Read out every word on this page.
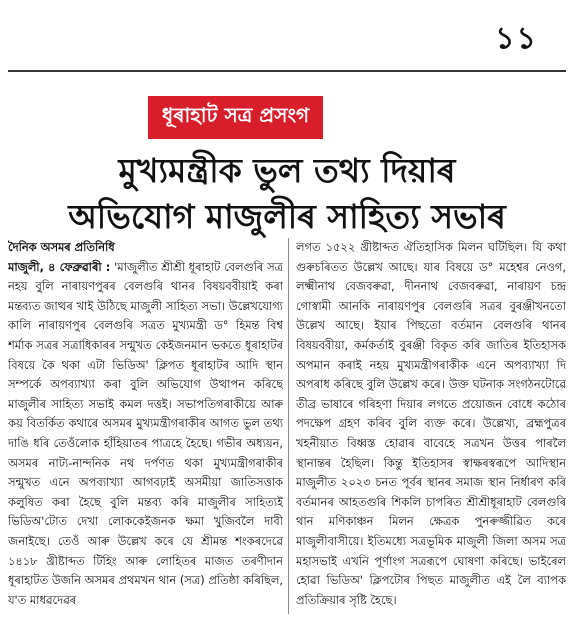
১১
ধূৰাহাট সত্ৰ প্ৰসংগ
মুখ্যমন্ত্ৰীক ভুল তথ্য দিয়াৰ
অভিযোগ মাজুলীৰ সাহিত্য সভাৰ
দৈনিক অসমৰ প্ৰতিনিধি

মাজুলী, ৪ ফেব্ৰুৱাৰী : 'মাজুলীত শ্ৰীশ্ৰী ধূৰাহাট বেলগুৰি সত্ৰ নহয় বুলি নাৰায়ণপুৰৰ বেলগুৰি থানৰ বিষয়ববীয়াই কৰা মন্তব্যত জাত্থৰ খাই উঠিছে মাজুলী সাহিত্য সভা। উল্লেখযোগ্য কালি নাৰায়ণপুৰ বেলগুৰি সত্ৰত মুখ্যমন্ত্ৰী ড° হিমন্ত বিশ্ব শৰ্মাক সত্ৰৰ সত্ৰাধিকাৰৰ সন্মুখত কেইজনমান ভকতে ধূৰাহাটৰ বিষয়ে কৈ থকা এটা ভিডিঅ' ক্লিপত ধূৰাহাটৰ আদি স্থান সম্পৰ্কে অপব্যাখ্যা কৰা বুলি অভিযোগ উত্থাপন কৰিছে মাজুলীৰ সাহিত্য সভাই কমল দত্তই। সভাপতিগৰাকীয়ে আৰু কয় বিতৰ্কিত কথাৰে অসমৰ মুখ্যমন্ত্ৰীগৰাকীৰ আগত ভুল তথ্য দাঙি ধৰি তেওঁলোক হাঁহিয়াতৰ পাত্ৰহে হৈছে। গভীৰ অধ্যয়ন, অসমৰ নাট্য-নান্দনিক নথ দৰ্পণত থকা মুখ্যমন্ত্ৰীগৰাকীৰ সন্মুখত এনে অপব্যাখ্যা আগবঢ়াই অসমীয়া জাতিসত্তাক কলুষিত কৰা হৈছে বুলি মন্তব্য কৰি মাজুলীৰ সাহিত্যই ভিডিঅ'টোত দেখা লোককেইজনক ক্ষমা খুজিবলৈ দাবী জনাইছে। তেওঁ আৰু উল্লেখ কৰে যে শ্ৰীমন্ত শংকৰদেৱে ১৪১৮ খ্ৰীষ্টাব্দত টিহিং আৰু লোহিতৰ মাজত তৰণীদান ধূৰাহাটত উজনি অসমৰ প্ৰথমখন থান (সত্ৰ) প্ৰতিষ্ঠা কৰিছিল, য'ত মাধৱদেৱৰ

লগত ১৫২২ খ্ৰীষ্টাব্দত ঐতিহাসিক মিলন ঘটিছিল। যি কথা গুৰুচৰিতত উল্লেখ আছে। যাৰ বিষয়ে ড° মহেশ্বৰ নেওগ, লক্ষ্মীনাথ বেজবৰুৱা, দীননাথ বেজবৰুৱা, নাৰায়ণ চন্দ্ৰ গোস্বামী আনকি নাৰায়ণপুৰ বেলগুৰি সত্ৰৰ বুৰঞ্জীখনতো উল্লেখ আছে। ইয়াৰ পিছতো বৰ্তমান বেলগুৰি থানৰ বিষয়ববীয়া, কৰ্মকৰ্তাই বুৰঞ্জী বিকৃত কৰি জাতিৰ ইতিহাসক অপমান কৰাই নহয় মুখ্যমন্ত্ৰীগৰাকীক এনে অপব্যাখ্যা দি অপৰাধ কৰিছে বুলি উল্লেখ কৰে। উক্ত ঘটনাক সংগঠনটোৱে তীব্ৰ ভাষাৰে গৰিহণা দিয়াৰ লগতে প্ৰয়োজন বোধে কঠোৰ পদক্ষেপ গ্ৰহণ কৰিব বুলি ব্যক্ত কৰে। উল্লেখ্য, ব্ৰহ্মপুত্ৰৰ খহনীয়াত বিধ্বস্ত হোৱাৰ বাবেহে সত্ৰখন উত্তৰ পাৰলৈ স্থানান্তৰ হৈছিল। কিন্তু ইতিহাসৰ স্বাক্ষৰস্বৰূপে আদিস্থান মাজুলীত ২০২৩ চনত পূৰ্বৰ স্থানৰ সমাজ স্থান নিৰ্ধাৰণ কৰি বৰ্তমানৰ আহতগুৰি শিকলি চাপৰিত শ্ৰীশ্ৰীধূৰাহাট বেলগুৰি থান মণিকাঞ্চন মিলন ক্ষেত্ৰক পুনৰুজ্জীৱিত কৰে মাজুলীবাসীয়ে। ইতিমধ্যে সত্ৰভূমিক মাজুলী জিলা অসম সত্ৰ মহাসভাই এখনি পূৰ্ণাংগ সত্ৰৰূপে ঘোষণা কৰিছে। ভাইৰেল হোৱা ভিডিঅ' ক্লিপটোৰ পিছত মাজুলীত এই লৈ ব্যাপক প্ৰতিক্ৰিয়াৰ সৃষ্টি হৈছে।
